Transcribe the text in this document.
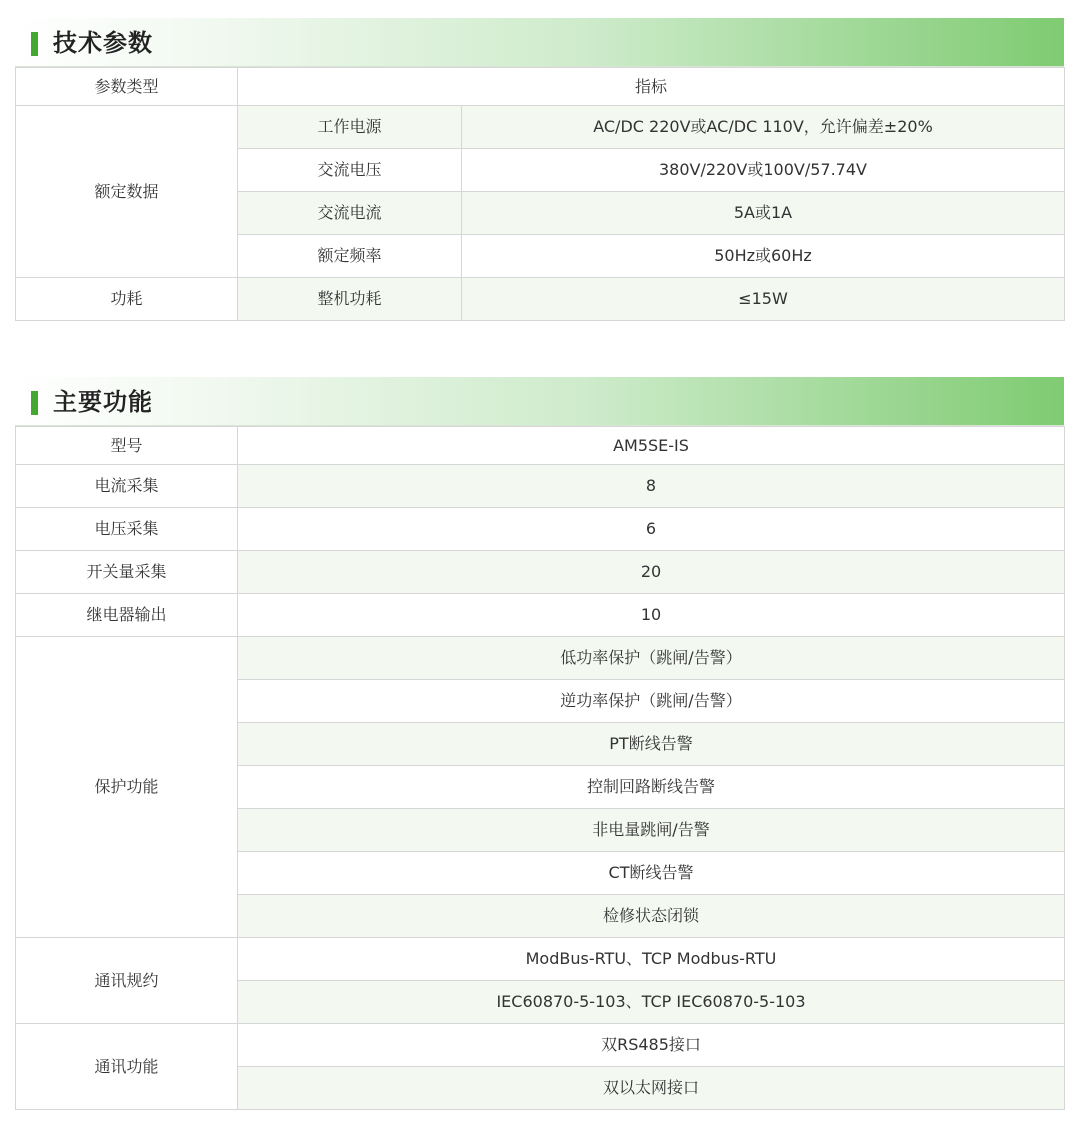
技术参数
参数类型	指标	
额定数据	工作电源	AC/DC 220V或AC/DC 110V，允许偏差±20%
	交流电压	380V/220V或100V/57.74V
	交流电流	5A或1A
	额定频率	50Hz或60Hz
功耗	整机功耗	≤15W
主要功能
型号	AM5SE-IS
电流采集	8
电压采集	6
开关量采集	20
继电器输出	10
保护功能	低功率保护（跳闸/告警）
	逆功率保护（跳闸/告警）
	PT断线告警
	控制回路断线告警
	非电量跳闸/告警
	CT断线告警
	检修状态闭锁
通讯规约	ModBus-RTU、TCP Modbus-RTU
	IEC60870-5-103、TCP IEC60870-5-103
通讯功能	双RS485接口
	双以太网接口
